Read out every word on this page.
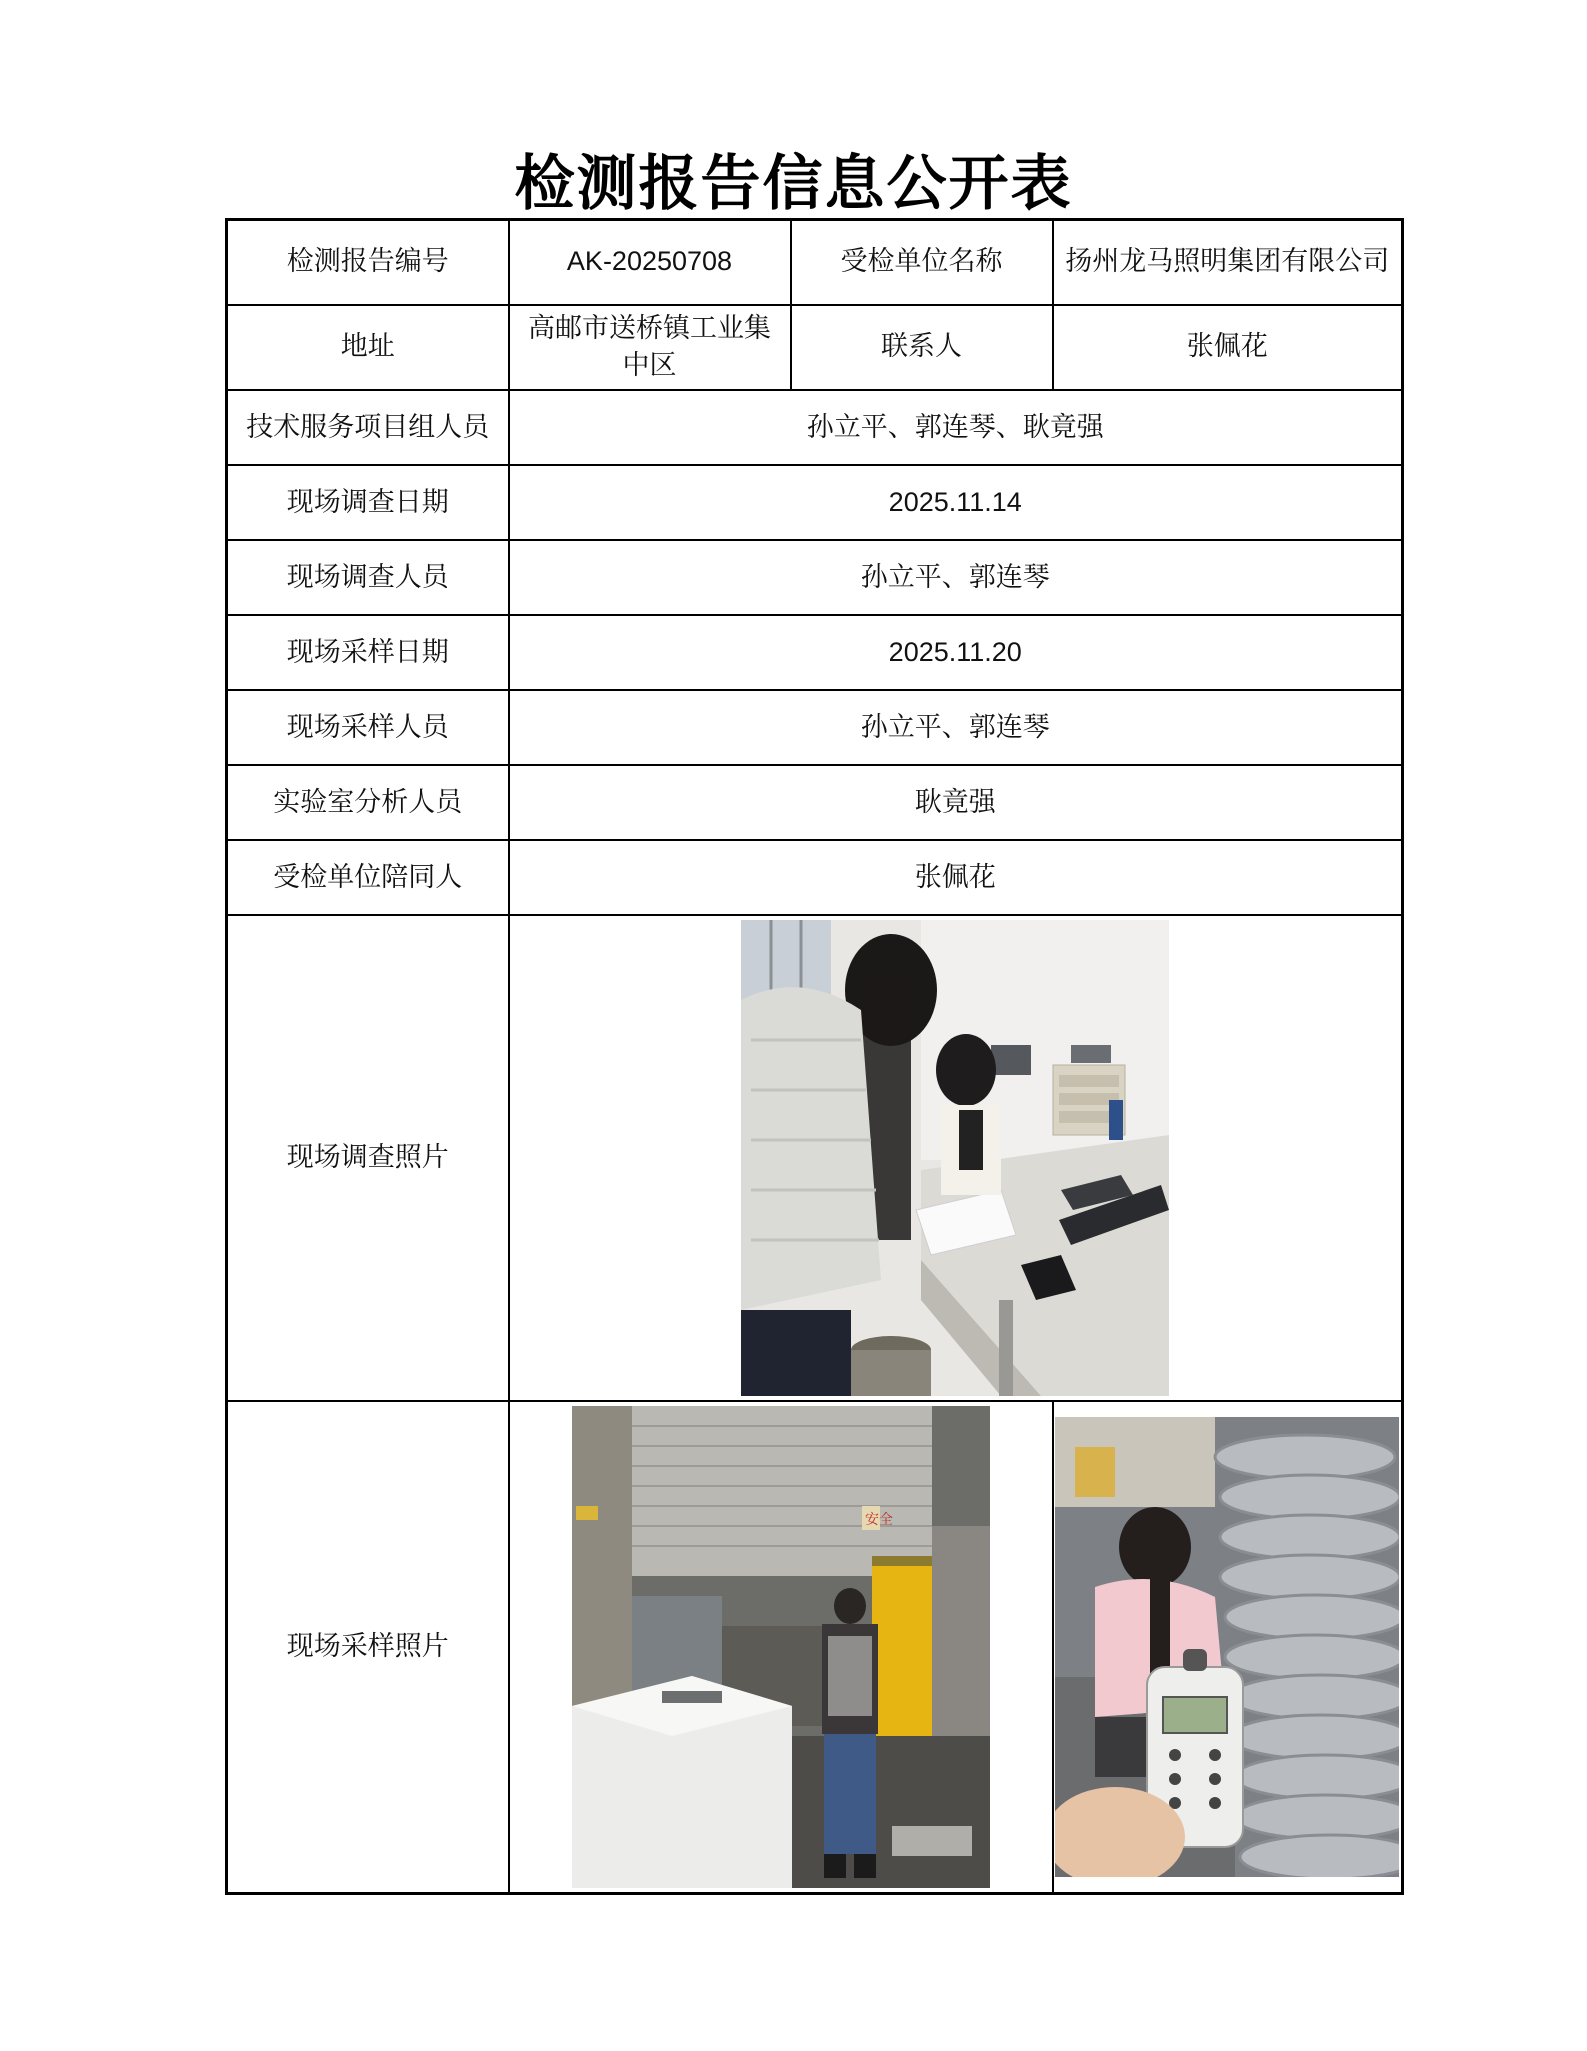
检测报告信息公开表
检测报告编号	AK-20250708	受检单位名称	扬州龙马照明集团有限公司
地址	高邮市送桥镇工业集中区	联系人	张佩花
技术服务项目组人员	孙立平、郭连琴、耿竟强		
现场调查日期	2025.11.14		
现场调查人员	孙立平、郭连琴		
现场采样日期	2025.11.20		
现场采样人员	孙立平、郭连琴		
实验室分析人员	耿竟强		
受检单位陪同人	张佩花		
现场调查照片	

现场采样照片	安全
